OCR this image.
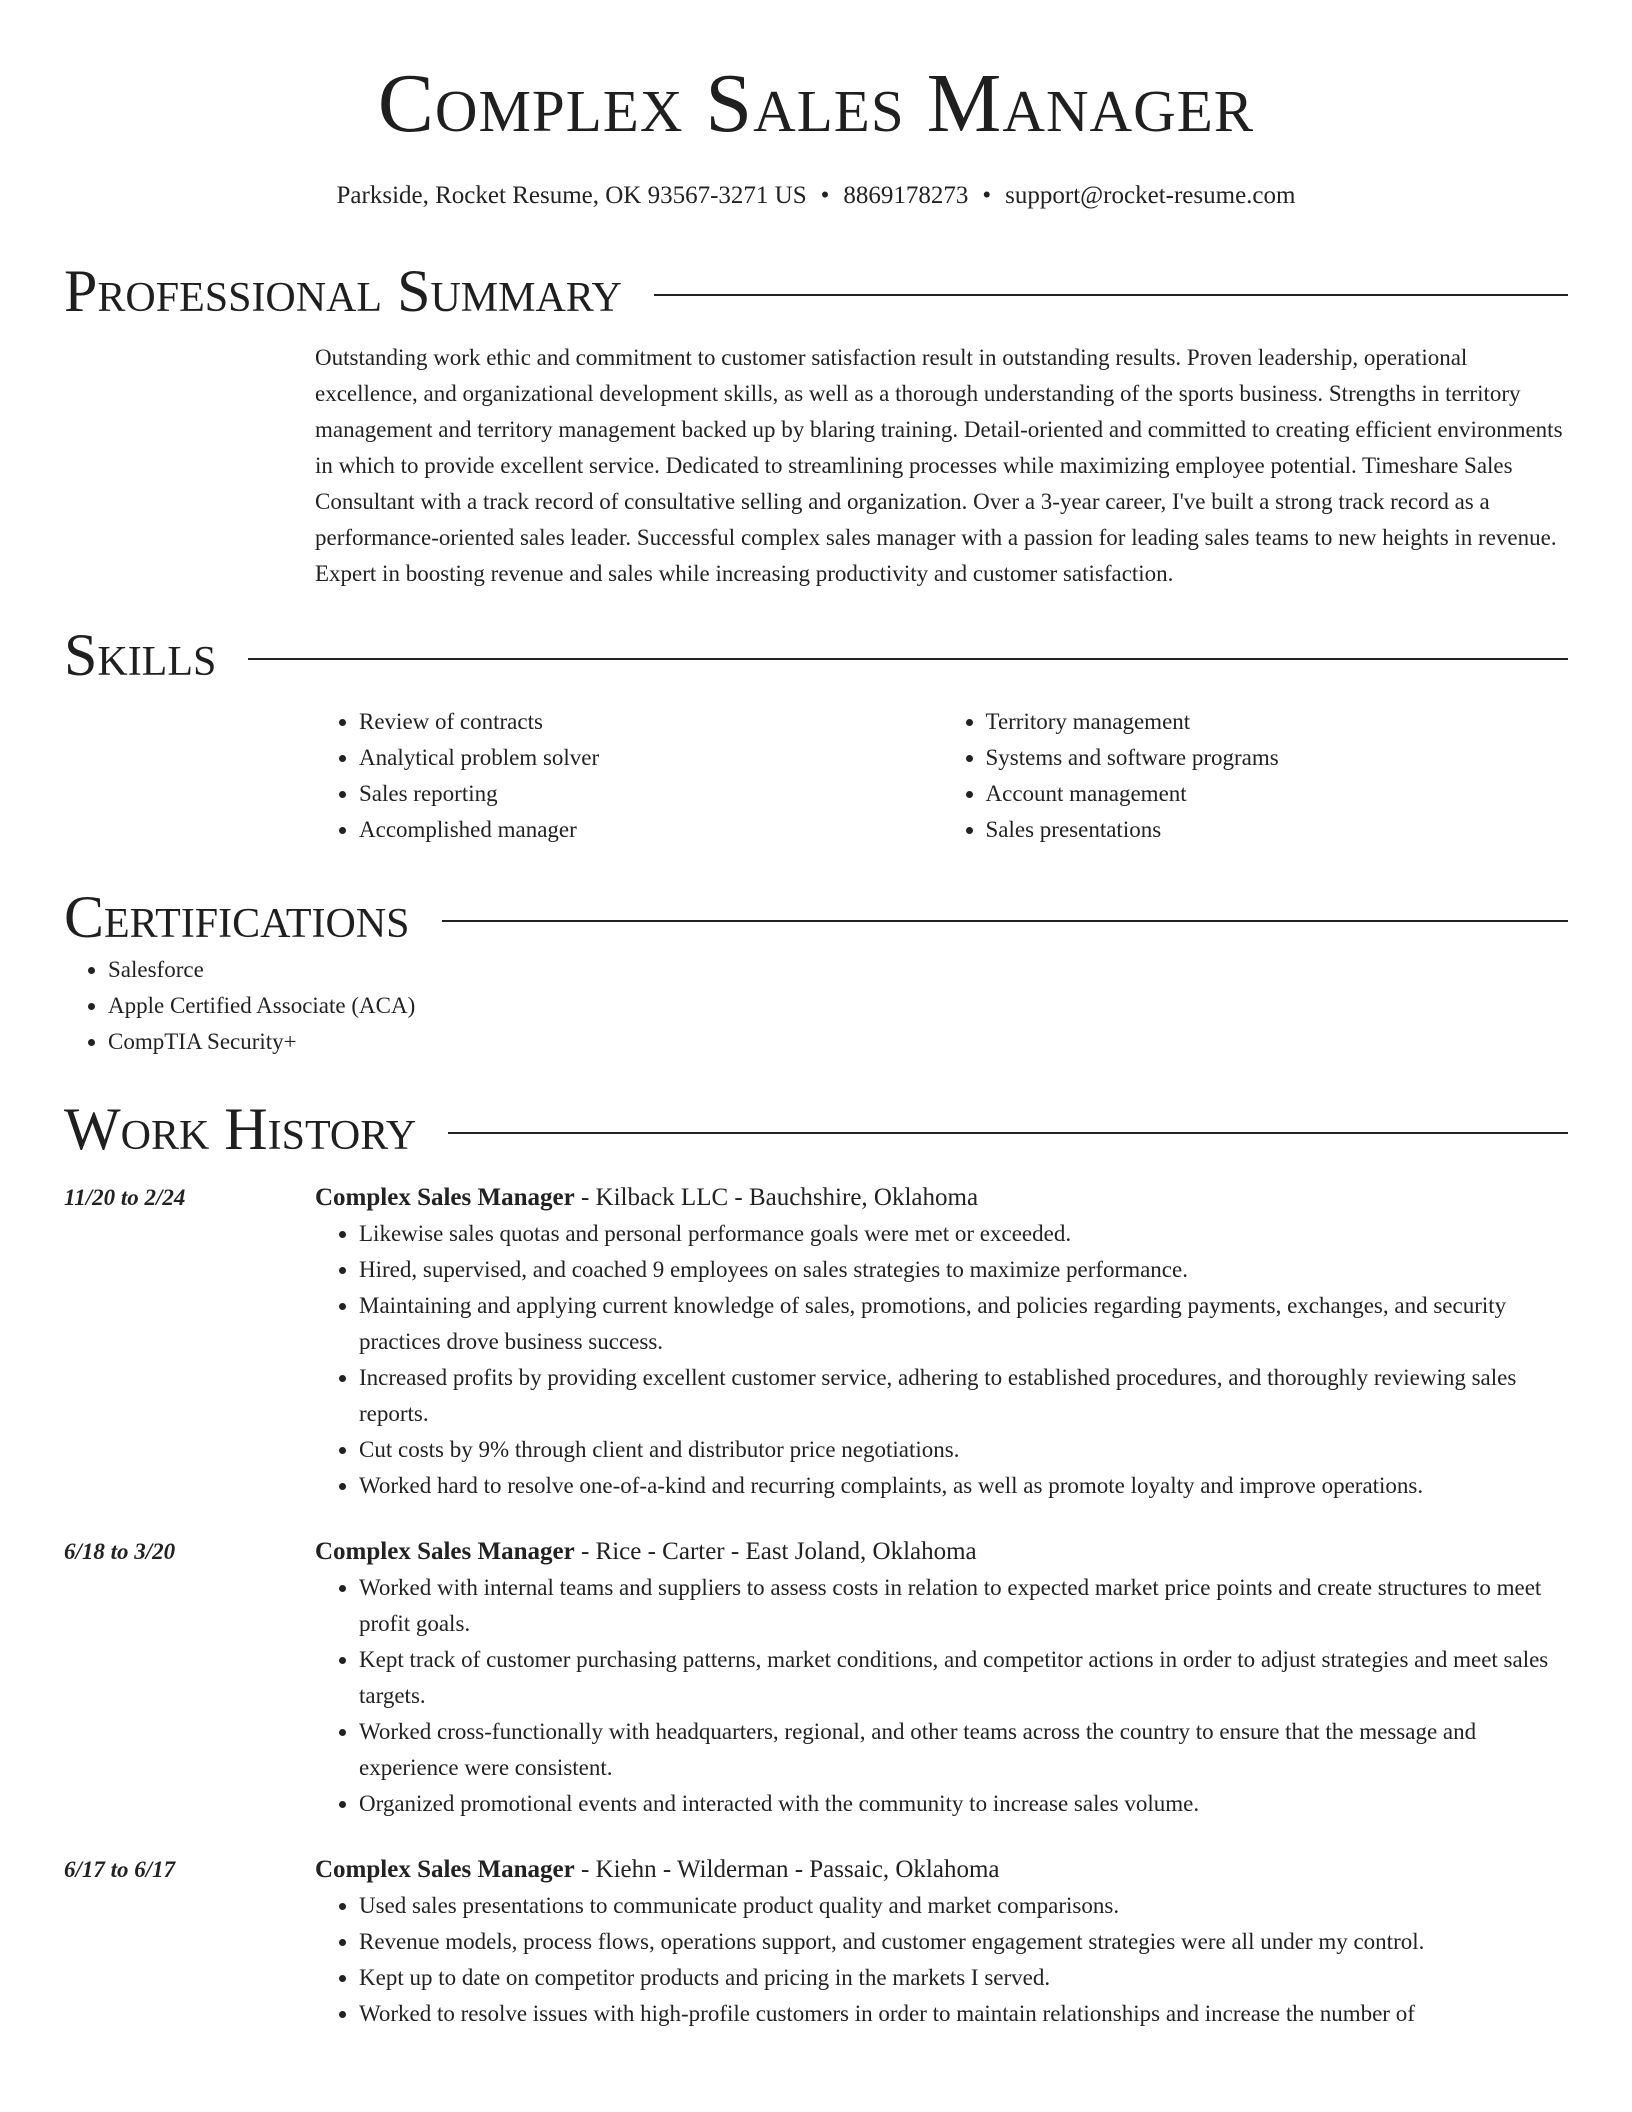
Complex Sales Manager
Parkside, Rocket Resume, OK 93567-3271 US • 8869178273 • support@rocket-resume.com
Professional Summary

Outstanding work ethic and commitment to customer satisfaction result in outstanding results. Proven leadership, operational excellence, and organizational development skills, as well as a thorough understanding of the sports business. Strengths in territory management and territory management backed up by blaring training. Detail-oriented and committed to creating efficient environments in which to provide excellent service. Dedicated to streamlining processes while maximizing employee potential. Timeshare Sales Consultant with a track record of consultative selling and organization. Over a 3-year career, I've built a strong track record as a performance-oriented sales leader. Successful complex sales manager with a passion for leading sales teams to new heights in revenue. Expert in boosting revenue and sales while increasing productivity and customer satisfaction.

Skills
• Review of contracts
• Analytical problem solver
• Sales reporting
• Accomplished manager
• Territory management
• Systems and software programs
• Account management
• Sales presentations
Certifications
• Salesforce
• Apple Certified Associate (ACA)
• CompTIA Security+
Work History
11/20 to 2/24	Complex Sales Manager - Kilback LLC - Bauchshire, Oklahoma
• Likewise sales quotas and personal performance goals were met or exceeded.
• Hired, supervised, and coached 9 employees on sales strategies to maximize performance.
• Maintaining and applying current knowledge of sales, promotions, and policies regarding payments, exchanges, and security practices drove business success.
• Increased profits by providing excellent customer service, adhering to established procedures, and thoroughly reviewing sales reports.
• Cut costs by 9% through client and distributor price negotiations.
• Worked hard to resolve one-of-a-kind and recurring complaints, as well as promote loyalty and improve operations.
6/18 to 3/20	Complex Sales Manager - Rice - Carter - East Joland, Oklahoma
• Worked with internal teams and suppliers to assess costs in relation to expected market price points and create structures to meet profit goals.
• Kept track of customer purchasing patterns, market conditions, and competitor actions in order to adjust strategies and meet sales targets.
• Worked cross-functionally with headquarters, regional, and other teams across the country to ensure that the message and experience were consistent.
• Organized promotional events and interacted with the community to increase sales volume.
6/17 to 6/17	Complex Sales Manager - Kiehn - Wilderman - Passaic, Oklahoma
• Used sales presentations to communicate product quality and market comparisons.
• Revenue models, process flows, operations support, and customer engagement strategies were all under my control.
• Kept up to date on competitor products and pricing in the markets I served.
• Worked to resolve issues with high-profile customers in order to maintain relationships and increase the number of
